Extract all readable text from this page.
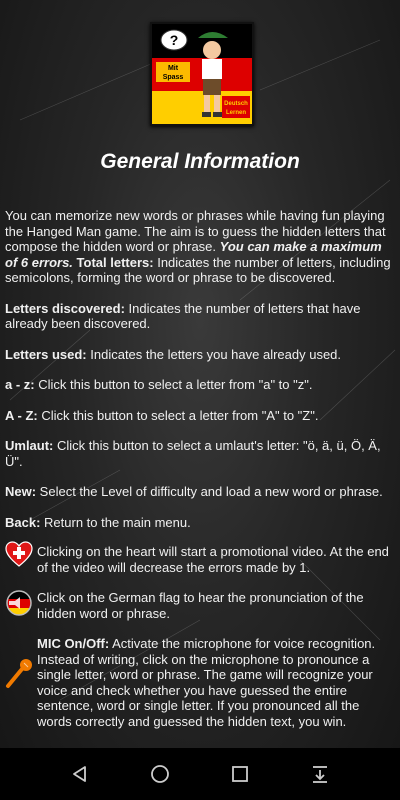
?
Mit
Spass
Deutsch
Lernen
General Information

You can memorize new words or phrases while having fun playing the Hanged Man game. The aim is to guess the hidden letters that compose the hidden word or phrase. You can make a maximum of 6 errors. Total letters: Indicates the number of letters, including semicolons, forming the word or phrase to be discovered.

Letters discovered: Indicates the number of letters that have already been discovered.

Letters used: Indicates the letters you have already used.

a - z: Click this button to select a letter from "a" to "z".

A - Z: Click this button to select a letter from "A" to "Z".

Umlaut: Click this button to select a umlaut's letter: "ö, ä, ü, Ö, Ä, Ü".

New: Select the Level of difficulty and load a new word or phrase.

Back: Return to the main menu.

Clicking on the heart will start a promotional video. At the end of the video will decrease the errors made by 1.
Click on the German flag to hear the pronunciation of the hidden word or phrase.
MIC On/Off: Activate the microphone for voice recognition. Instead of writing, click on the microphone to pronounce a single letter, word or phrase. The game will recognize your voice and check whether you have guessed the entire sentence, word or single letter. If you pronounced all the words correctly and guessed the hidden text, you win.
